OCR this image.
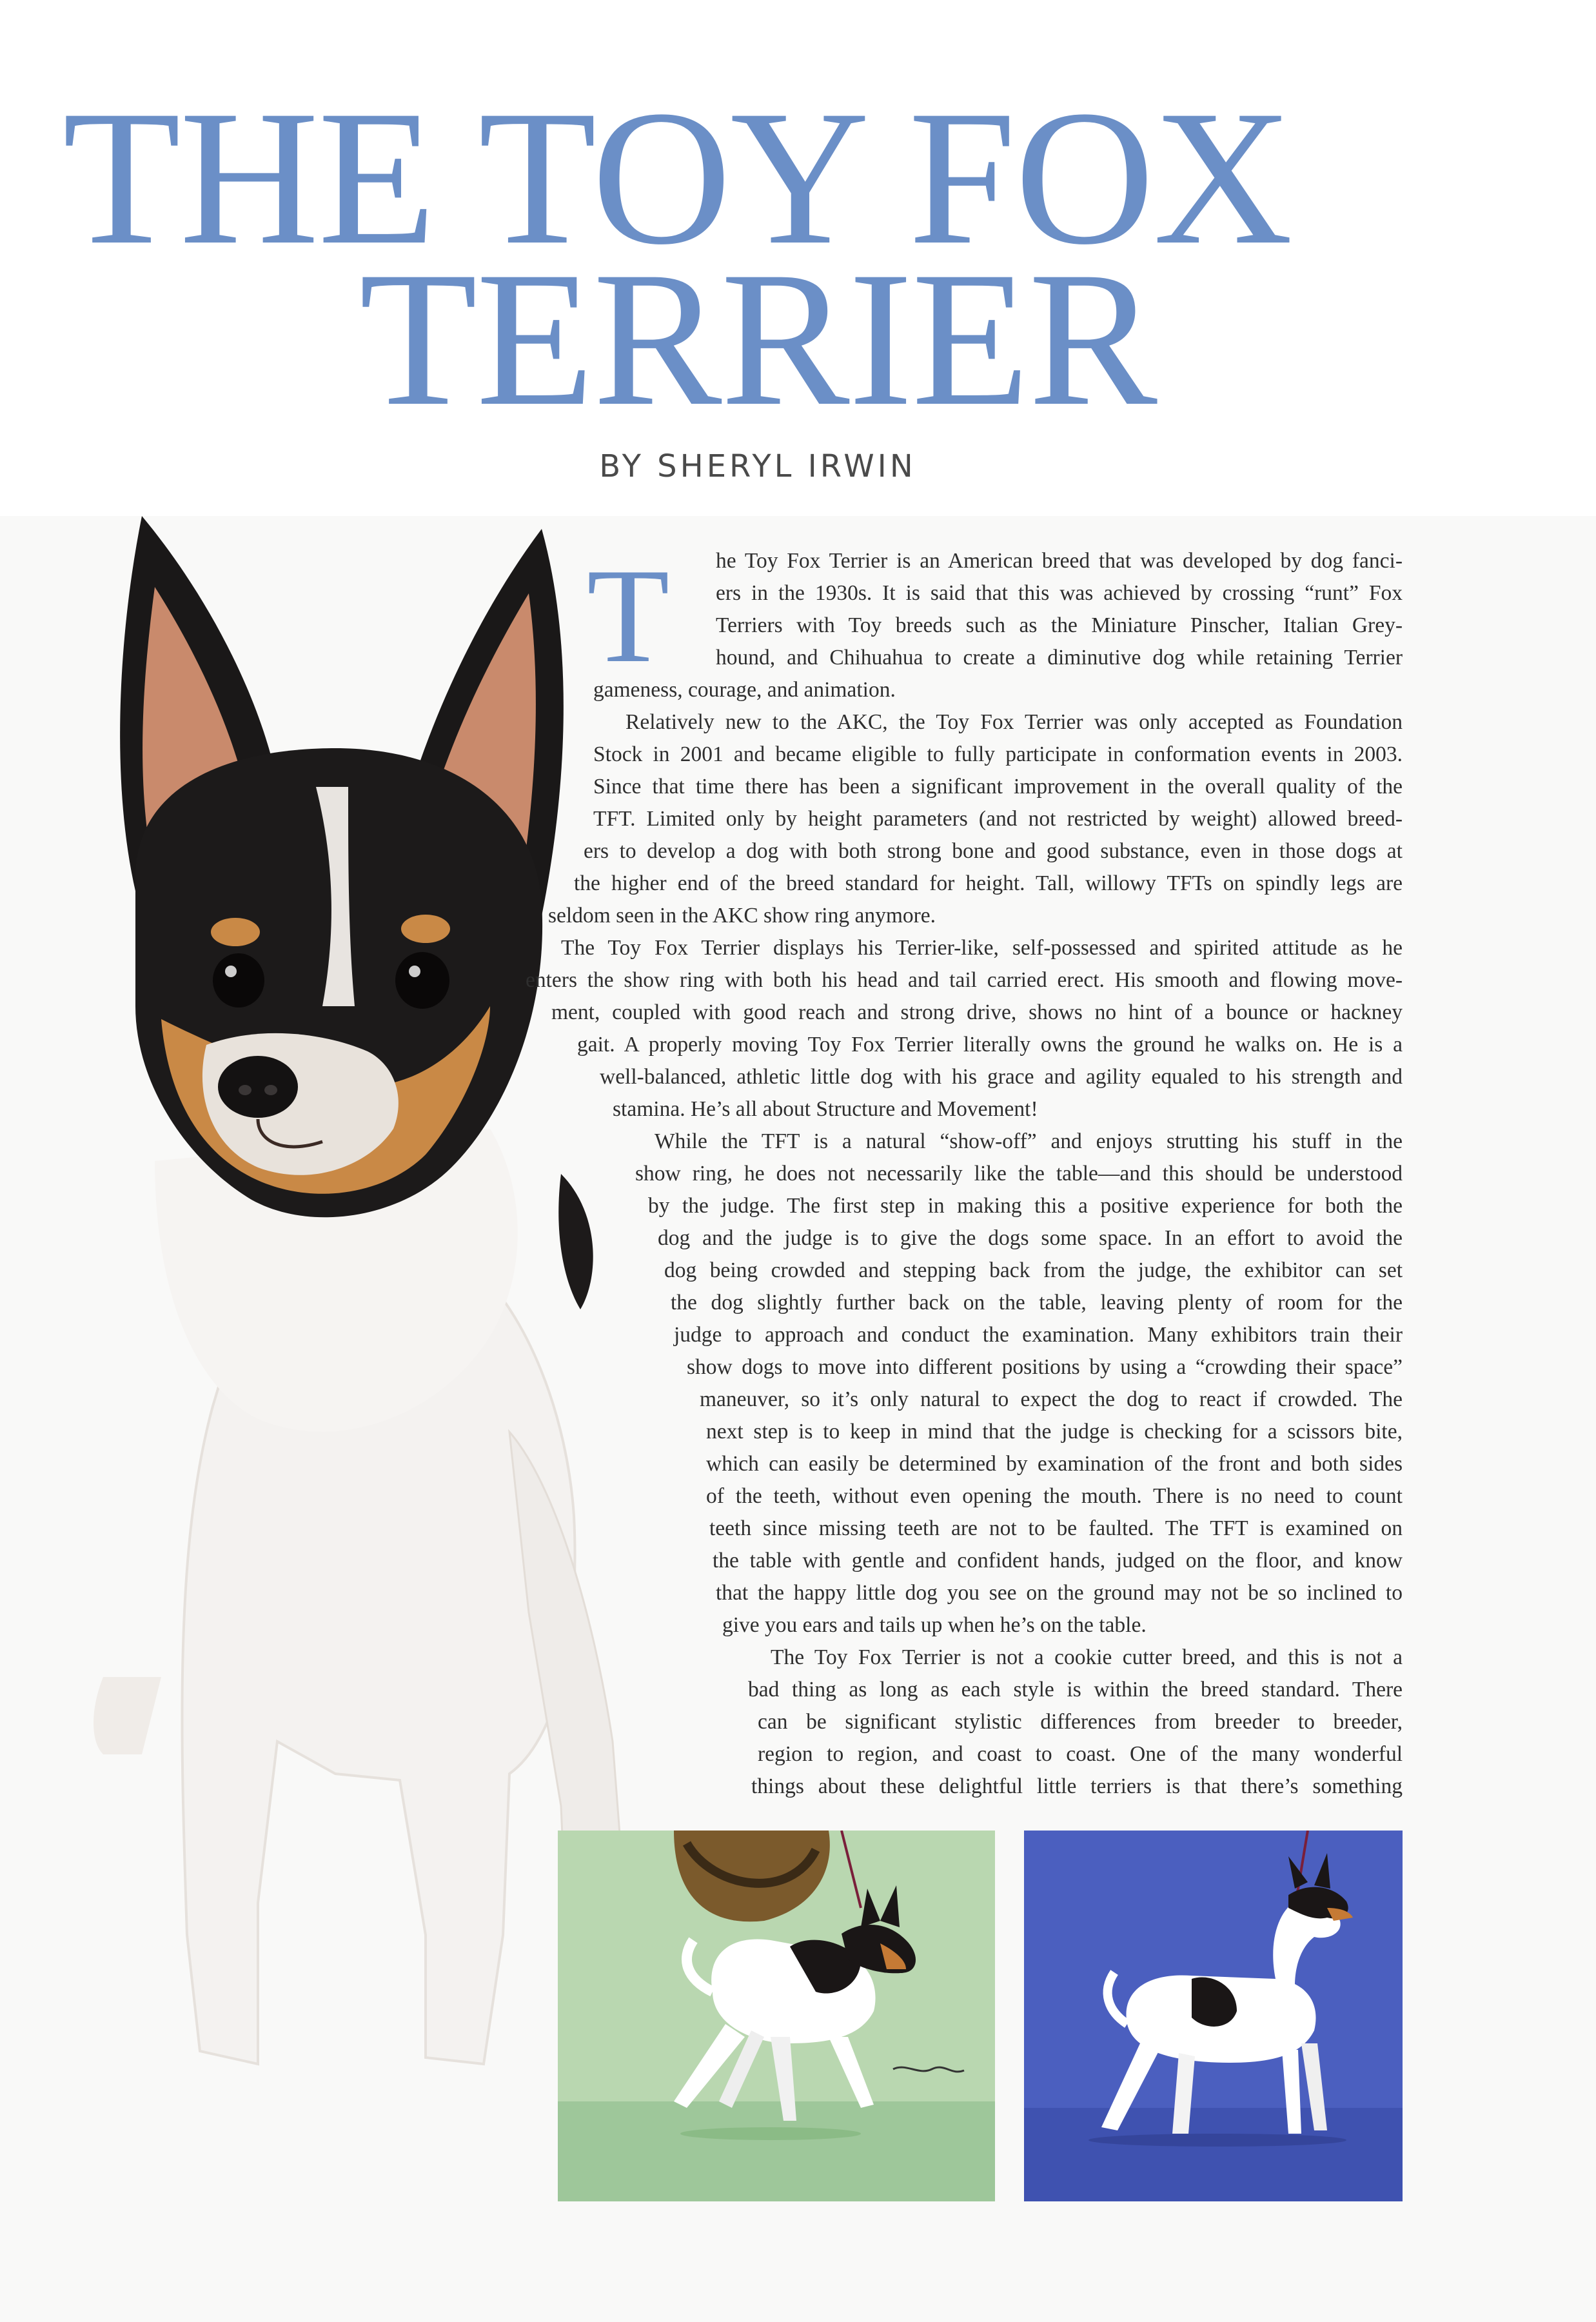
THE TOY FOX
TERRIER
BY SHERYL IRWIN
T he Toy Fox Terrier is an American breed that was developed by dog fanci-
ers in the 1930s. It is said that this was achieved by crossing “runt” Fox
Terriers with Toy breeds such as the Miniature Pinscher, Italian Grey-
hound, and Chihuahua to create a diminutive dog while retaining Terrier
gameness, courage, and animation.
Relatively new to the AKC, the Toy Fox Terrier was only accepted as Foundation
Stock in 2001 and became eligible to fully participate in conformation events in 2003.
Since that time there has been a significant improvement in the overall quality of the
TFT. Limited only by height parameters (and not restricted by weight) allowed breed-
ers to develop a dog with both strong bone and good substance, even in those dogs at
the higher end of the breed standard for height. Tall, willowy TFTs on spindly legs are
seldom seen in the AKC show ring anymore.
The Toy Fox Terrier displays his Terrier-like, self-possessed and spirited attitude as he
enters the show ring with both his head and tail carried erect. His smooth and flowing move-
ment, coupled with good reach and strong drive, shows no hint of a bounce or hackney
gait. A properly moving Toy Fox Terrier literally owns the ground he walks on. He is a
well-balanced, athletic little dog with his grace and agility equaled to his strength and
stamina. He’s all about Structure and Movement!
While the TFT is a natural “show-off” and enjoys strutting his stuff in the
show ring, he does not necessarily like the table—and this should be understood
by the judge. The first step in making this a positive experience for both the
dog and the judge is to give the dogs some space. In an effort to avoid the
dog being crowded and stepping back from the judge, the exhibitor can set
the dog slightly further back on the table, leaving plenty of room for the
judge to approach and conduct the examination. Many exhibitors train their
show dogs to move into different positions by using a “crowding their space”
maneuver, so it’s only natural to expect the dog to react if crowded. The
next step is to keep in mind that the judge is checking for a scissors bite,
which can easily be determined by examination of the front and both sides
of the teeth, without even opening the mouth. There is no need to count
teeth since missing teeth are not to be faulted. The TFT is examined on
the table with gentle and confident hands, judged on the floor, and know
that the happy little dog you see on the ground may not be so inclined to
give you ears and tails up when he’s on the table.
The Toy Fox Terrier is not a cookie cutter breed, and this is not a
bad thing as long as each style is within the breed standard. There
can be significant stylistic differences from breeder to breeder,
region to region, and coast to coast. One of the many wonderful
things about these delightful little terriers is that there’s something
